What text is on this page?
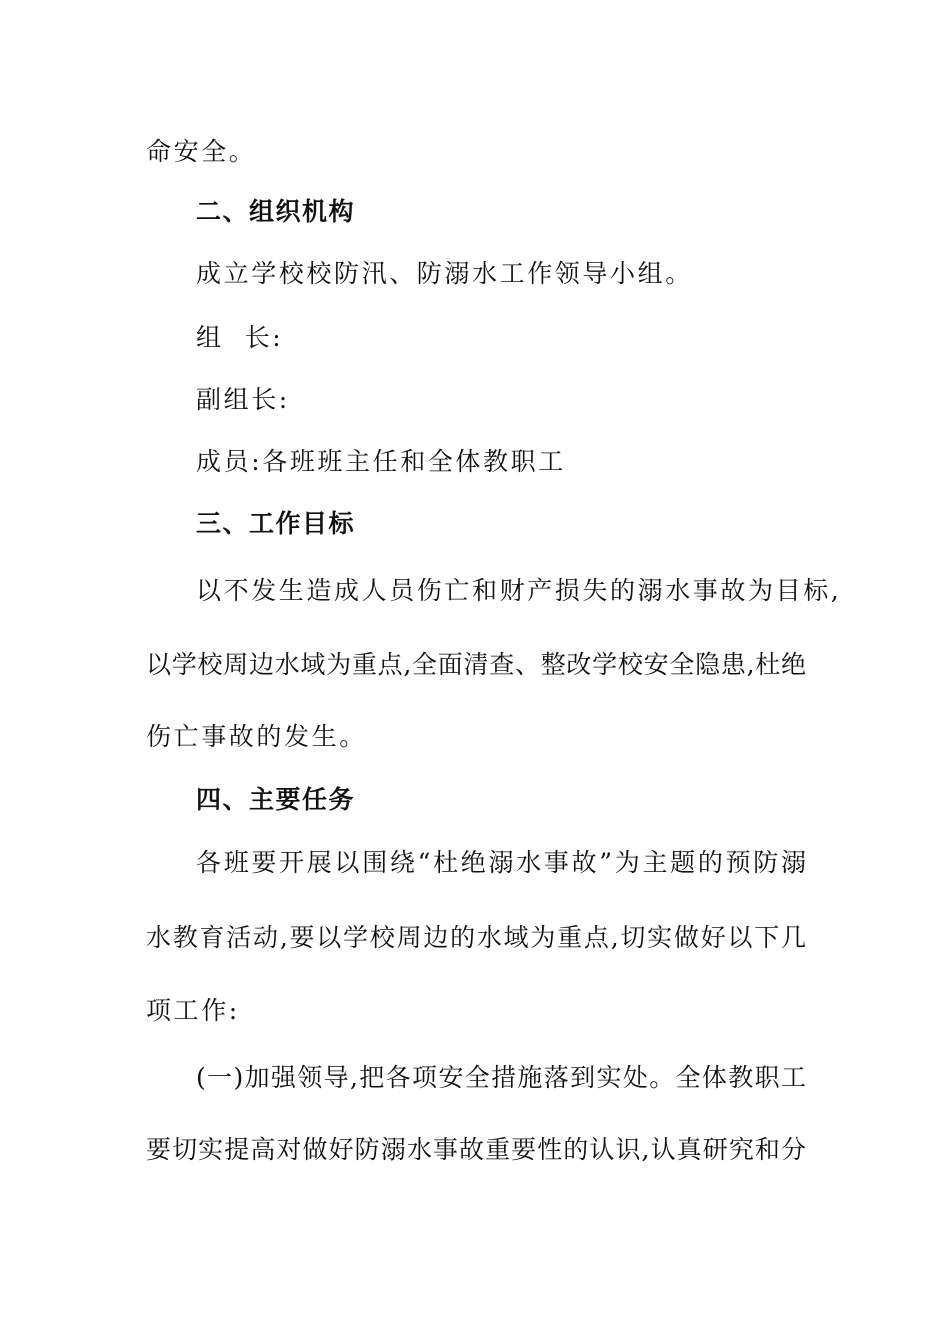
命安全。
二、组织机构
成立学校校防汛、防溺水工作领导小组。
组  长:
副组长:
成员:各班班主任和全体教职工
三、工作目标
以不发生造成人员伤亡和财产损失的溺水事故为目标,
以学校周边水域为重点,全面清查、整改学校安全隐患,杜绝
伤亡事故的发生。
四、主要任务
各班要开展以围绕“杜绝溺水事故”为主题的预防溺
水教育活动,要以学校周边的水域为重点,切实做好以下几
项工作:
(一)加强领导,把各项安全措施落到实处。全体教职工
要切实提高对做好防溺水事故重要性的认识,认真研究和分
